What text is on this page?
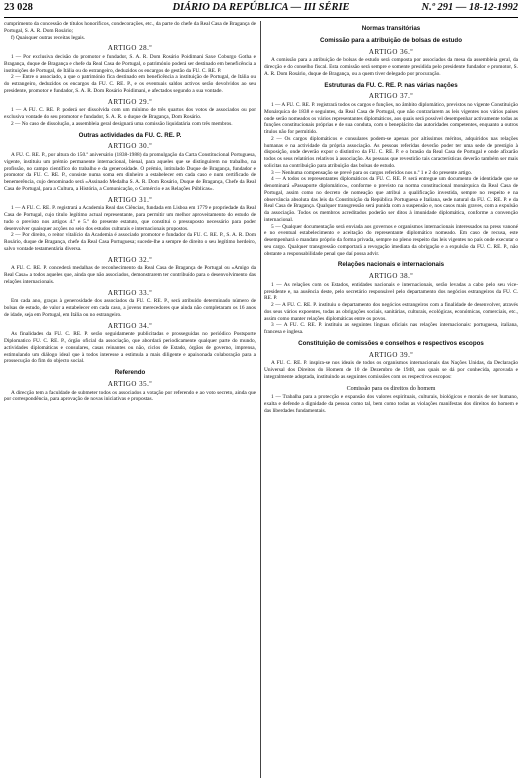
23 028	DIÁRIO DA REPÚBLICA — III SÉRIE	N.º 291 — 18-12-1992

cumprimento da concessão de títulos honoríficos, condecorações, etc., da parte do chefe da Real Casa de Bragança de Portugal, S. A. R. Dom Rosário;

f) Quaisquer outras receitas legais.

ARTIGO 28.º

1 — Por exclusiva decisão do promotor e fundador, S. A. R. Dom Rosário Poidimani Saxe Coburgo Gotha e Bragança, duque de Bragança e chefe da Real Casa de Portugal, o património poderá ser destinado em beneficência a instituições de Portugal, de Itália ou do estrangeiro, deduzidos os encargos de gestão da FU. C. RE. P.

2 — Entre o associado, a que o património fica destinado em beneficência a instituição de Portugal, de Itália ou do estrangeiro, deduzidos os encargos da FU. C. RE. P., e os eventuais saldos activos serão devolvidos ao seu presidente, promotor e fundador, S. A. R. Dom Rosário Poidimani, e afectados segundo a sua vontade.

ARTIGO 29.º

1 — A FU. C. RE. P. poderá ser dissolvida com um mínimo de três quartos dos votos de associados ou por exclusiva vontade do seu promotor e fundador, S. A. R. o duque de Bragança, Dom Rosário.

2 — No caso de dissolução, a assembleia geral designará uma comissão liquidatária com três membros.

Outras actividades da FU. C. RE. P.
ARTIGO 30.º

A FU. C. RE. P., por altura do 150.º aniversário (1838-1988) da promulgação da Carta Constitucional Portuguesa, vigente, instituiu um prémio permanente internacional, bienal, para aqueles que se distinguirem no trabalho, na profissão, no campo científico do trabalho e da generosidade. O prémio, intitulado Duque de Bragança, fundador e promotor da FU. C. RE. P., consiste numa soma em dinheiro a estabelecer em cada caso e num certificado de benemerência, cujo denominado será «Assinado Medalha S. A. R. Dom Rosário, Duque de Bragança, Chefe da Real Casa de Portugal, para a Cultura, a História, a Comunicação, o Comércio e as Relações Públicas».

ARTIGO 31.º

1 — A FU. C. RE. P. registrará a Academia Real das Ciências, fundada em Lisboa em 1779 e propriedade da Real Casa de Portugal, cujo título legítimo actual representante, para permitir um melhor aproveitamento do estudo de tudo o previsto nos artigos 4.º e 5.º do presente estatuto, que constitui o pressuposto necessário para poder desenvolver quaisquer acções no seio dos estudos culturais e internacionais propostos.

2 — Por direito, o reitor vitalício da Academia é associado promotor e fundador da FU. C. RE. P., S. A. R. Dom Rosário, duque de Bragança, chefe da Real Casa Portuguesa; sucede-lhe a sempre de direito o seu legítimo herdeiro, salvo vontade testamentária diversa.

ARTIGO 32.º

A FU. C. RE. P. concederá medalhas de reconhecimento da Real Casa de Bragança de Portugal ou «Amigo da Real Casa» a todos aqueles que, ainda que não associados, demonstrarem ter contribuído para o desenvolvimento das relações internacionais.

ARTIGO 33.º

Em cada ano, graças à generosidade dos associados da FU. C. RE. P., será atribuído determinado número de bolsas de estudo, de valor a estabelecer em cada caso, a jovens merecedores que ainda não completaram os 16 anos de idade, seja em Portugal, em Itália ou no estrangeiro.

ARTIGO 34.º

As finalidades da FU. C. RE. P. serão seguidamente publicitadas e prosseguidas no periódico Postsporte Diplomatico FU. C. RE. P., órgão oficial da associação, que abordará periodicamente qualquer parte do mundo, actividades diplomáticas e consulares, casas reinantes ou não, ciclos de Estado, órgãos de governo, imprensa, estimulando um diálogo ideal que à todos interesse a estimula a mais diligente e apaixonada colaboração para a prossecução do fim do objecto social.

Referendo
ARTIGO 35.º

A direcção tem a faculdade de submeter todos os associados a votação por referendo e ao voto secreto, ainda que por correspondência, para aprovação de novas iniciativas e propostas.

Normas transitórias
Comissão para a atribuição de bolsas de estudo
ARTIGO 36.º

A comissão para a atribuição de bolsas de estudo será composta por associados da mesa da assembleia geral, da direcção e do conselho fiscal. Esta comissão será sempre e somente presidida pelo presidente fundador e promotor, S. A. R. Dom Rosário, duque de Bragança, ou a quem tiver delegado por procuração.

Estruturas da FU. C. RE. P. nas várias nações
ARTIGO 37.º

1 — A FU. C. RE. P. registrará todos os cargos e funções, no âmbito diplomático, previstos no vigente Constituição Monárquica de 1838 e seguintes, da Real Casa de Portugal, que não contrariarem as leis vigentes nos vários países onde serão nomeados os vários representantes diplomáticos, aos quais será possível desempenhar activamente todas as funções constitucionais próprias e de sua conduta, com o beneplácito das autoridades competentes, enquanto a outros títulos não for permitido.

2 — Os cargos diplomáticos e consulares podem-se apenas por altíssimos méritos, adquiridos nas relações humanas e na actividade da própria associação. As pessoas referidas deverão poder ter uma sede de prestígio à disposição, onde deverão expor o distintivo da FU. C. RE. P. e o brasão da Real Casa de Portugal e onde afixarão todos os seus relatórios relativos à associação. As pessoas que revestirão tais características deverão também ser mais solicitas na contribuição para atribuição das bolsas de estudo.

3 — Nenhuma compensação se prevê para os cargos referidos nos n.º 1 e 2 do presente artigo.

4 — A todos os representantes diplomáticos da FU. C. RE. P. será entregue um documento de identidade que se denominará «Passaporte diplomático», conforme o previsto na norma constitucional monárquica da Real Casa de Portugal, assim como no decreto de nomeação que atribui a qualificação investida, sempre no respeito e na observância absoluta das leis da Constituição da República Portuguesa e Italiana, sede natural da FU. C. RE. P. e da Real Casa de Bragança. Qualquer transgressão será punida com a suspensão e, nos casos mais graves, com a expulsão da associação. Todos os membros acreditados poderão ser ditos à imunidade diplomática, conforme a convenção internacional.

5 — Qualquer documentação será enviada aos governos e organismos internacionais interessados na press vanoné e no eventual estabelecimento e aceitação do representante diplomático nomeado. Em caso de recusa, este desempenhará o mandato próprio da forma privada, sempre no pleno respeito das leis vigentes no país onde executar o seu cargo. Qualquer transgressão comportará a revogação imediata da obrigação e a expulsão da FU. C. RE. P., não obstante a responsabilidade penal que daí possa advir.

Relações nacionais e internacionais
ARTIGO 38.º

1 — As relações com os Estados, entidades nacionais e internacionais, serão levadas a cabo pelo seu vice-presidente e, na ausência deste, pelo secretário responsável pelo departamento dos negócios estrangeiros da FU. C. RE. P.

2 — A FU. C. RE. P. instituiu o departamento dos negócios estrangeiros com a finalidade de desenvolver, através dos seus vários expoentes, todas as obrigações sociais, sanitárias, culturais, ecológicas, económicas, comerciais, etc., assim como manter relações diplomáticas entre os povos.

3 — A FU. C. RE. P. instituiu as seguintes línguas oficiais nas relações internacionais: portuguesa, italiana, francesa e inglesa.

Constituição de comissões e conselhos e respectivos escopos
ARTIGO 39.º

A FU. C. RE. P. inspira-se nos ideais de todos os organismos internacionais das Nações Unidas, da Declaração Universal dos Direitos do Homem de 10 de Dezembro de 1948, aos quais se dá por conhecida, aprovada e integralmente adoptada, instituindo as seguintes comissões com os respectivos escopos:

Comissão para os direitos do homem

1 — Trabalha para a protecção e expansão dos valores espirituais, culturais, biológicos e morais de ser humano, exalta e defende a dignidade da pessoa como tal, bem como todas as violações manifestas dos direitos do homem e das liberdades fundamentais.
